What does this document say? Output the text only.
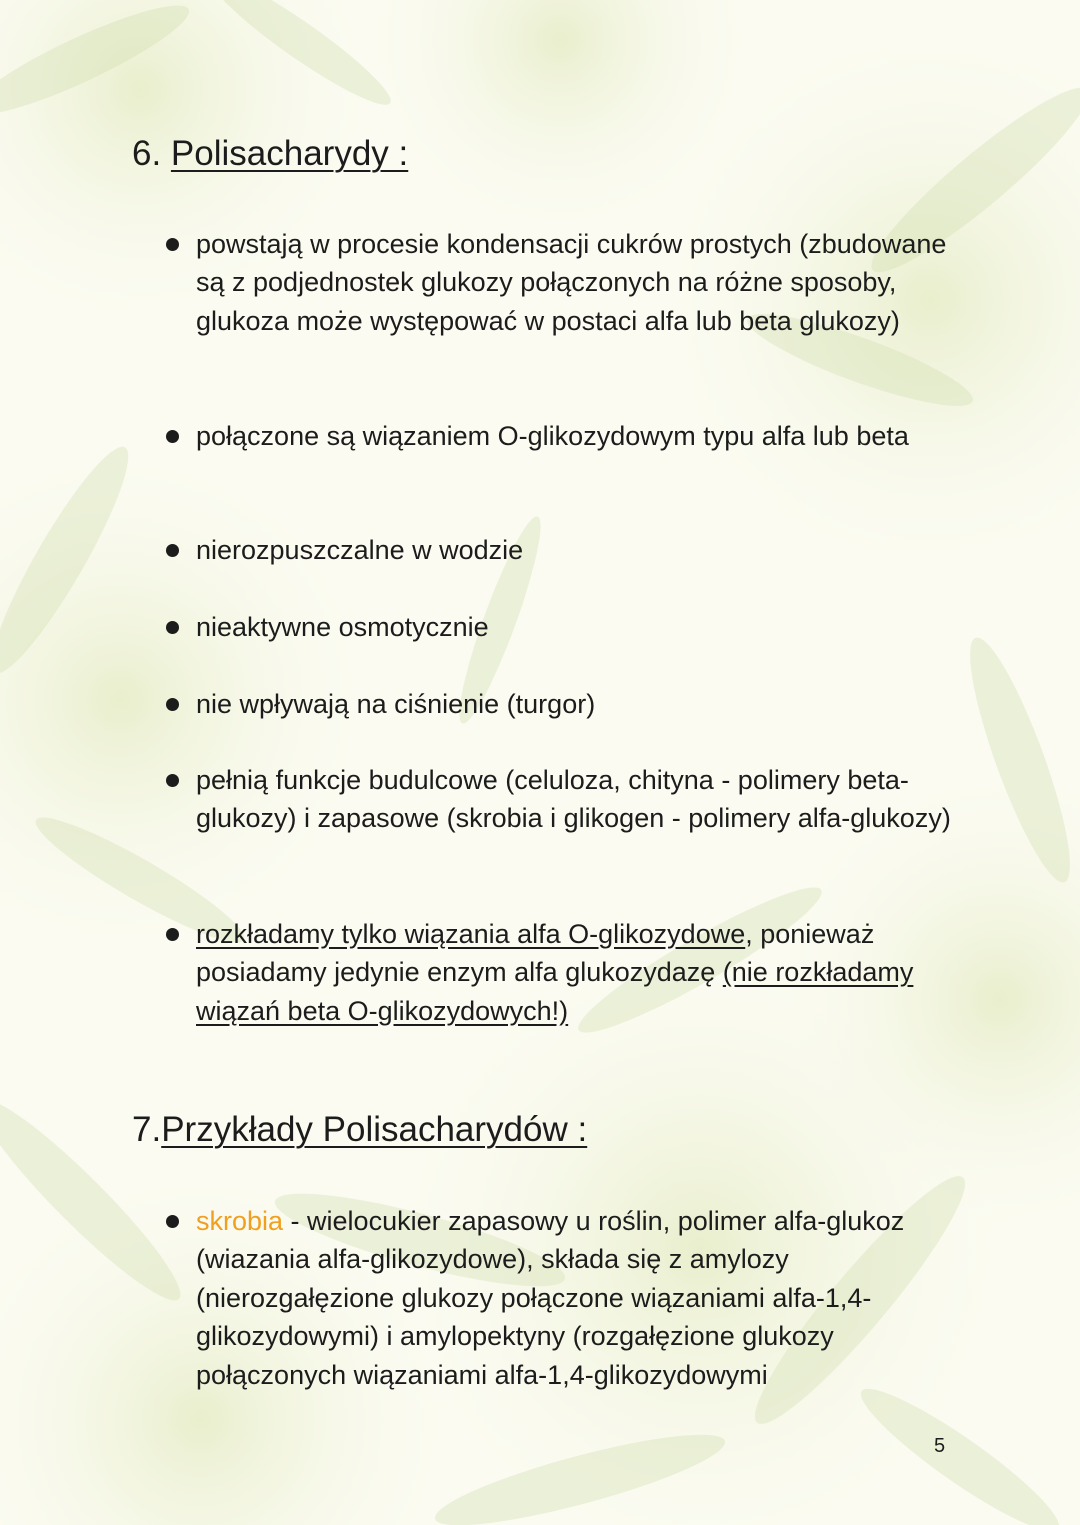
6. Polisacharydy :
powstają w procesie kondensacji cukrów prostych (zbudowane są z podjednostek glukozy połączonych na różne sposoby, glukoza może występować w postaci alfa lub beta glukozy)
połączone są wiązaniem O-glikozydowym typu alfa lub beta
nierozpuszczalne w wodzie
nieaktywne osmotycznie
nie wpływają na ciśnienie (turgor)
pełnią funkcje budulcowe (celuloza, chityna - polimery beta-glukozy) i zapasowe (skrobia i glikogen - polimery alfa-glukozy)
rozkładamy tylko wiązania alfa O-glikozydowe, ponieważ posiadamy jedynie enzym alfa glukozydazę (nie rozkładamy wiązań beta O-glikozydowych!)
7.Przykłady Polisacharydów :
skrobia - wielocukier zapasowy u roślin, polimer alfa-glukoz (wiazania alfa-glikozydowe), składa się z amylozy (nierozgałęzione glukozy połączone wiązaniami alfa-1,4-glikozydowymi) i amylopektyny (rozgałęzione glukozy połączonych wiązaniami alfa-1,4-glikozydowymi
5
